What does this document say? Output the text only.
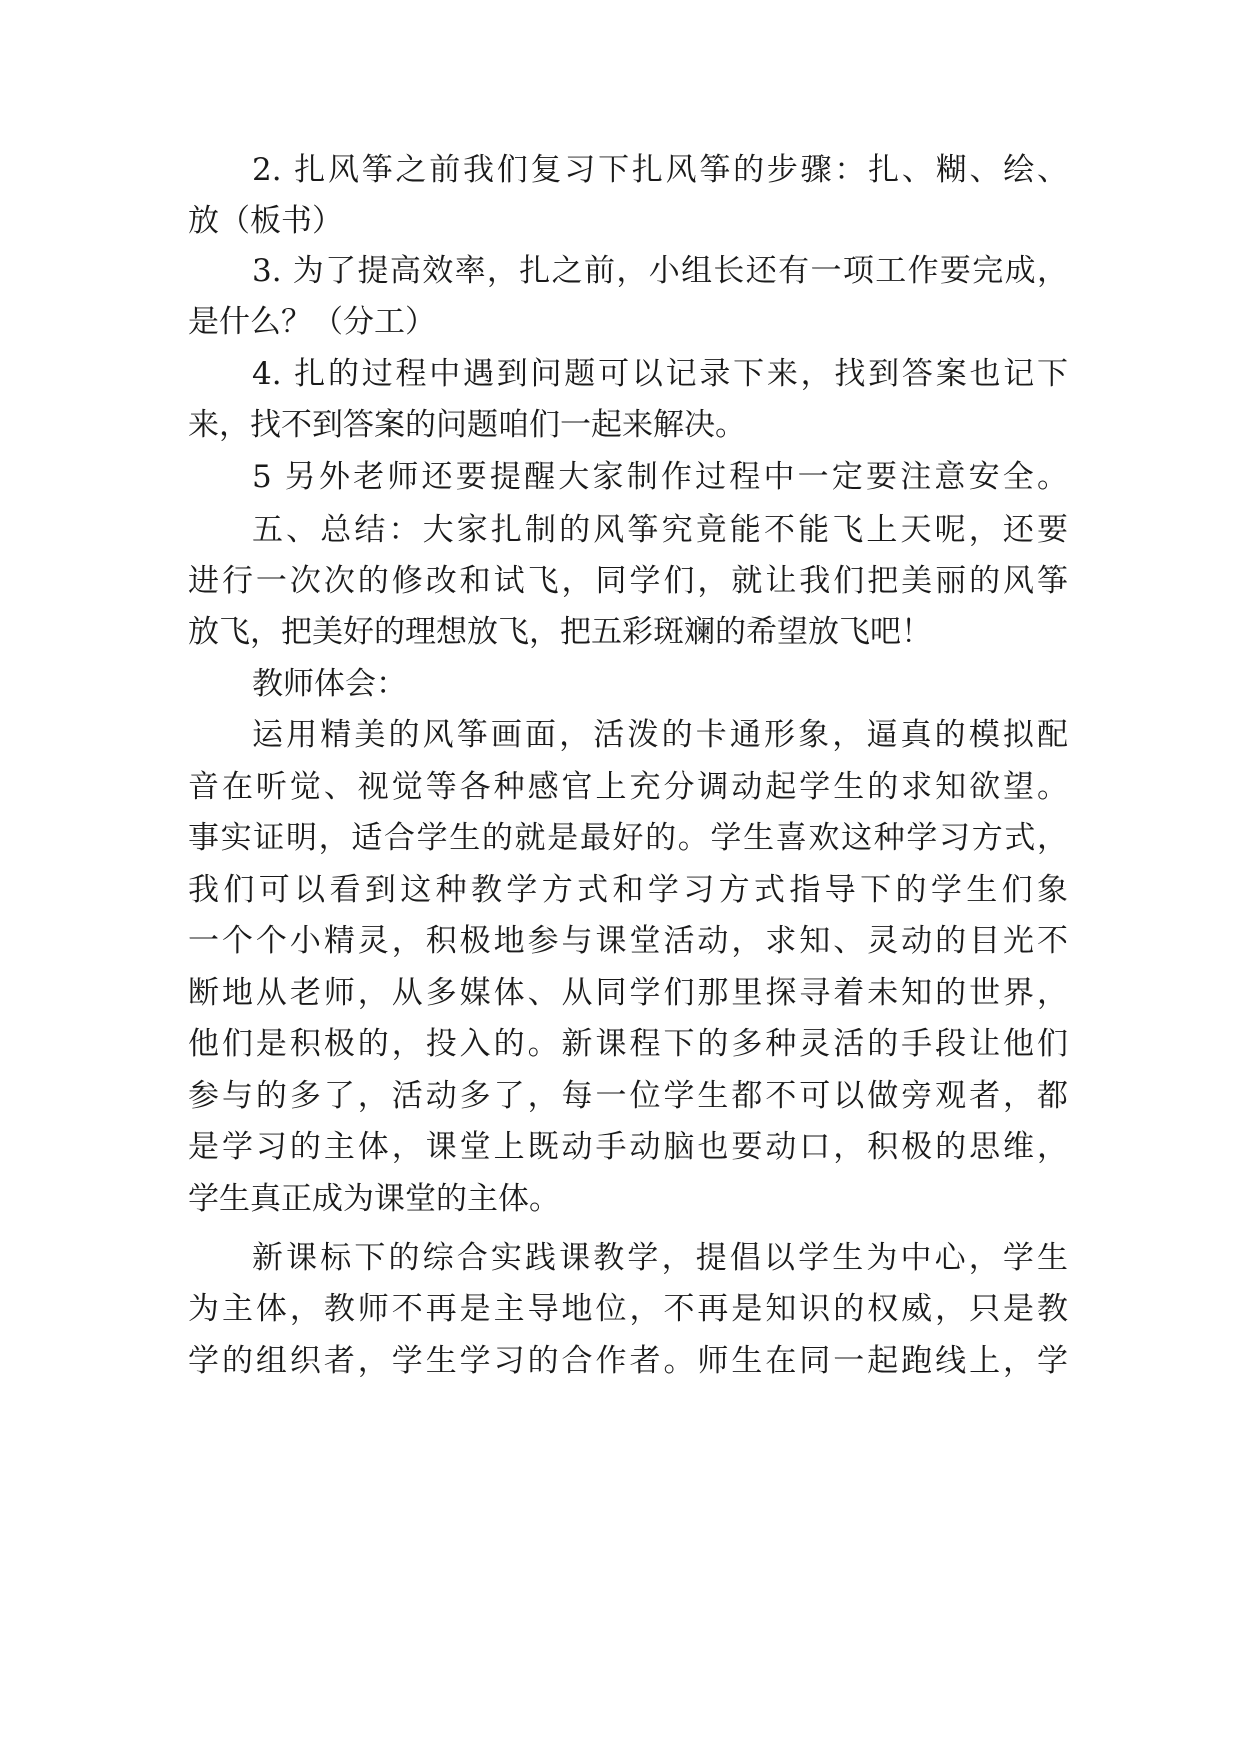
2. 扎风筝之前我们复习下扎风筝的步骤：扎、糊、绘、
放（板书）
3. 为了提高效率，扎之前，小组长还有一项工作要完成，
是什么？（分工）
4. 扎的过程中遇到问题可以记录下来，找到答案也记下
来，找不到答案的问题咱们一起来解决。
5 另外老师还要提醒大家制作过程中一定要注意安全。
五、总结：大家扎制的风筝究竟能不能飞上天呢，还要
进行一次次的修改和试飞，同学们，就让我们把美丽的风筝
放飞，把美好的理想放飞，把五彩斑斓的希望放飞吧！
教师体会：
运用精美的风筝画面，活泼的卡通形象，逼真的模拟配
音在听觉、视觉等各种感官上充分调动起学生的求知欲望。
事实证明，适合学生的就是最好的。学生喜欢这种学习方式，
我们可以看到这种教学方式和学习方式指导下的学生们象
一个个小精灵，积极地参与课堂活动，求知、灵动的目光不
断地从老师，从多媒体、从同学们那里探寻着未知的世界，
他们是积极的，投入的。新课程下的多种灵活的手段让他们
参与的多了，活动多了，每一位学生都不可以做旁观者，都
是学习的主体，课堂上既动手动脑也要动口，积极的思维，
学生真正成为课堂的主体。
新课标下的综合实践课教学，提倡以学生为中心，学生
为主体，教师不再是主导地位，不再是知识的权威，只是教
学的组织者，学生学习的合作者。师生在同一起跑线上，学
